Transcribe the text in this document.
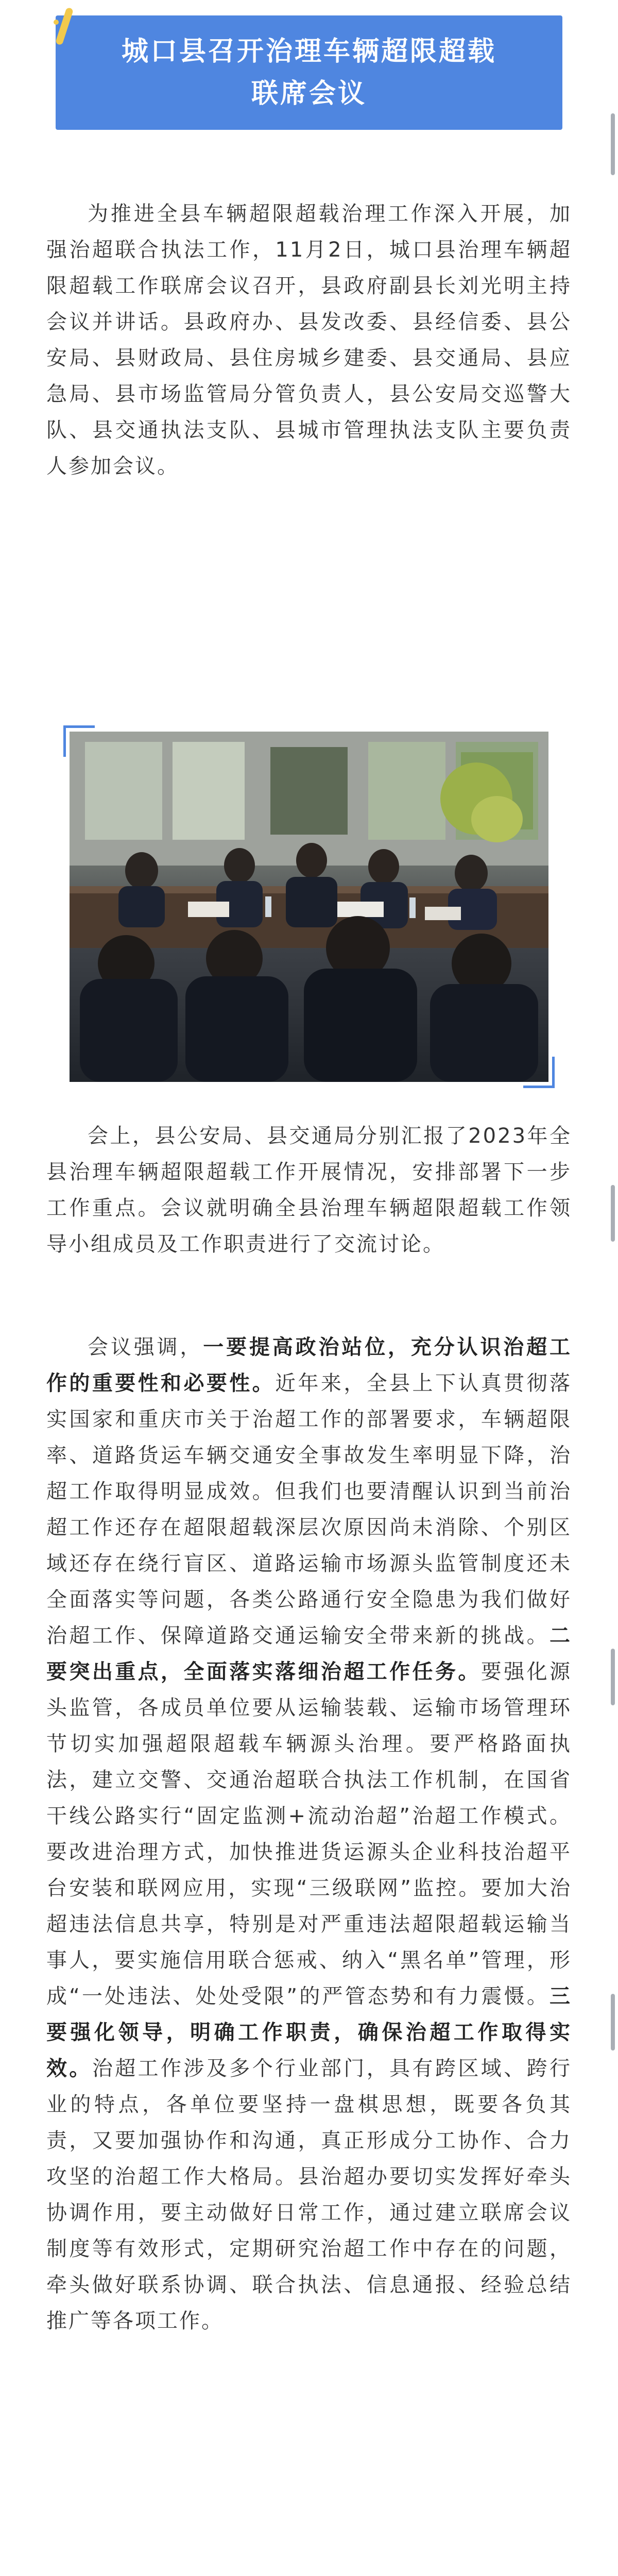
城口县召开治理车辆超限超载
联席会议

为推进全县车辆超限超载治理工作深入开展，加强治超联合执法工作，11月2日，城口县治理车辆超限超载工作联席会议召开，县政府副县长刘光明主持会议并讲话。县政府办、县发改委、县经信委、县公安局、县财政局、县住房城乡建委、县交通局、县应急局、县市场监管局分管负责人，县公安局交巡警大队、县交通执法支队、县城市管理执法支队主要负责人参加会议。

会上，县公安局、县交通局分别汇报了2023年全县治理车辆超限超载工作开展情况，安排部署下一步工作重点。会议就明确全县治理车辆超限超载工作领导小组成员及工作职责进行了交流讨论。

会议强调，一要提高政治站位，充分认识治超工作的重要性和必要性。近年来，全县上下认真贯彻落实国家和重庆市关于治超工作的部署要求，车辆超限率、道路货运车辆交通安全事故发生率明显下降，治超工作取得明显成效。但我们也要清醒认识到当前治超工作还存在超限超载深层次原因尚未消除、个别区域还存在绕行盲区、道路运输市场源头监管制度还未全面落实等问题，各类公路通行安全隐患为我们做好治超工作、保障道路交通运输安全带来新的挑战。二要突出重点，全面落实落细治超工作任务。要强化源头监管，各成员单位要从运输装载、运输市场管理环节切实加强超限超载车辆源头治理。要严格路面执法，建立交警、交通治超联合执法工作机制，在国省干线公路实行“固定监测+流动治超”治超工作模式。要改进治理方式，加快推进货运源头企业科技治超平台安装和联网应用，实现“三级联网”监控。要加大治超违法信息共享，特别是对严重违法超限超载运输当事人，要实施信用联合惩戒、纳入“黑名单”管理，形成“一处违法、处处受限”的严管态势和有力震慑。三要强化领导，明确工作职责，确保治超工作取得实效。治超工作涉及多个行业部门，具有跨区域、跨行业的特点，各单位要坚持一盘棋思想，既要各负其责，又要加强协作和沟通，真正形成分工协作、合力攻坚的治超工作大格局。县治超办要切实发挥好牵头协调作用，要主动做好日常工作，通过建立联席会议制度等有效形式，定期研究治超工作中存在的问题，牵头做好联系协调、联合执法、信息通报、经验总结推广等各项工作。
